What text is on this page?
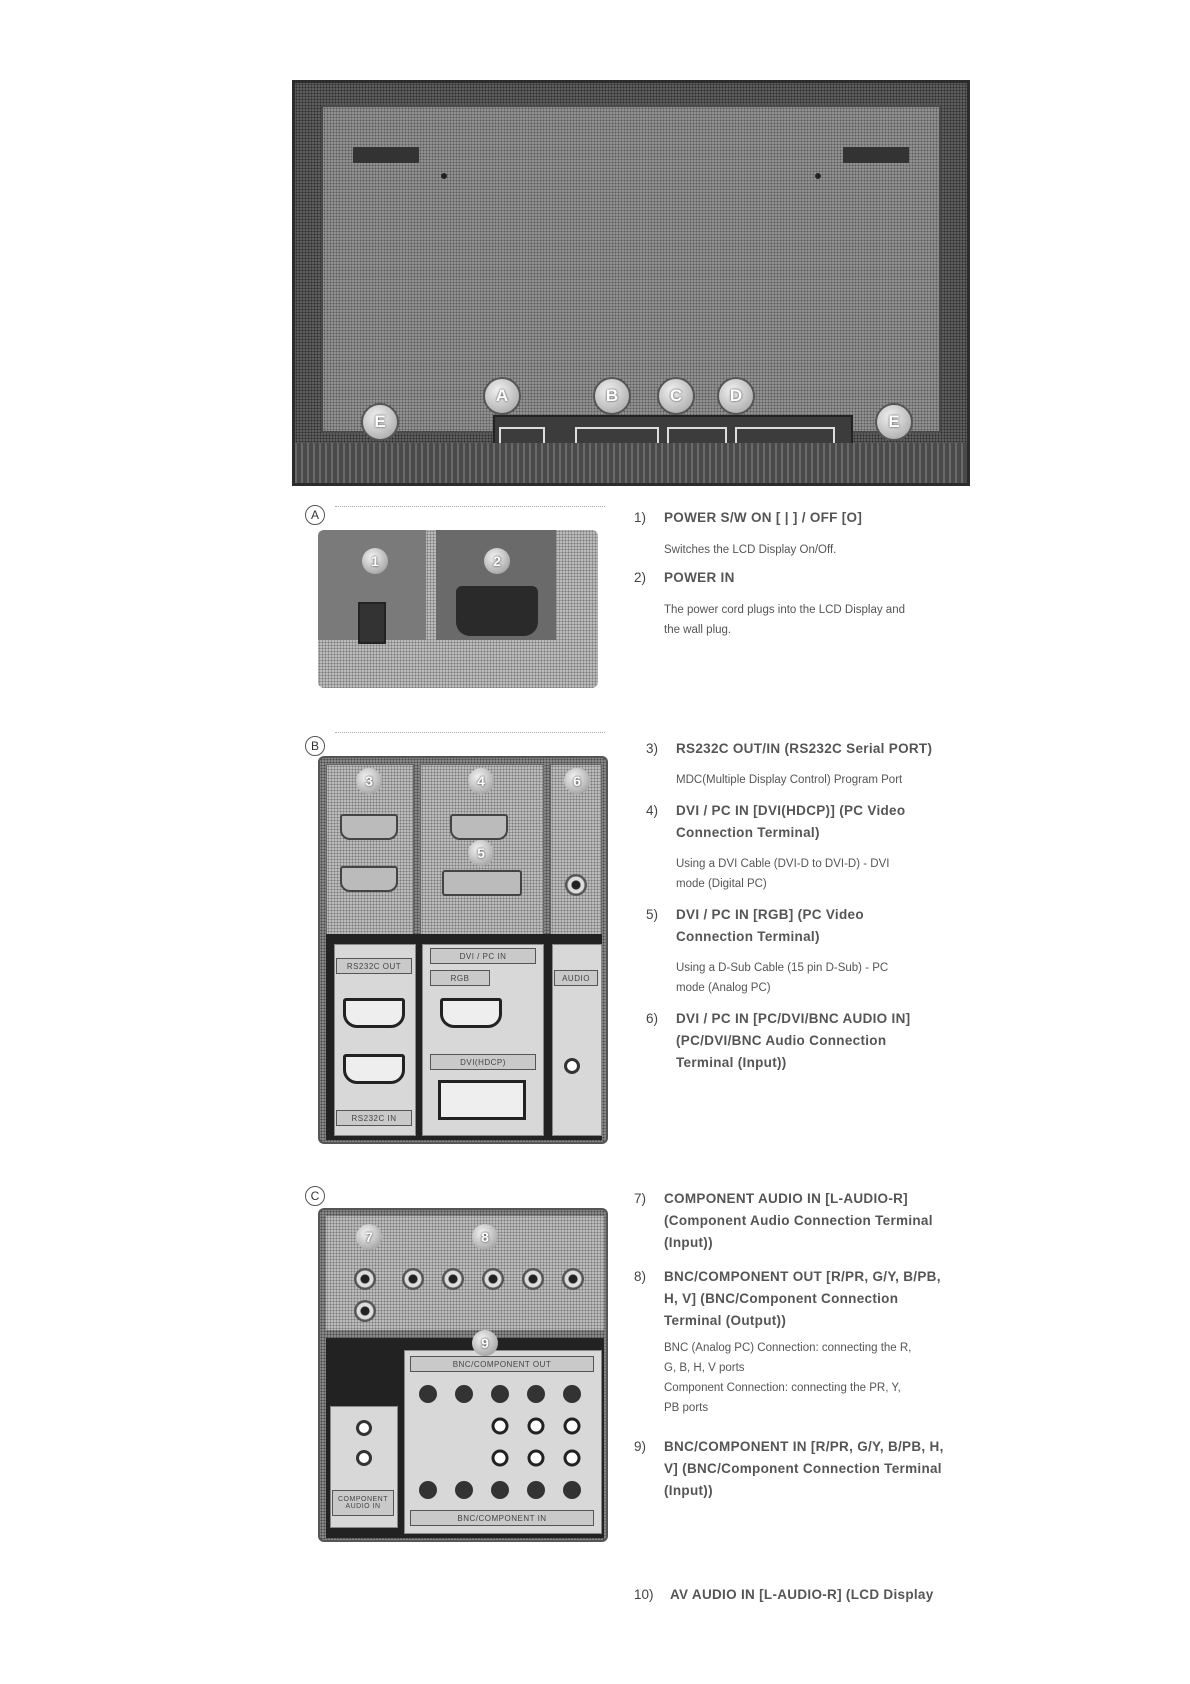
A	B	C	D
E	E
A
1	2
1) POWER S/W ON [ | ] / OFF [O]
Switches the LCD Display On/Off.
2) POWER IN
The power cord plugs into the LCD Display and
the wall plug.
B
RS232C OUT
RS232C IN
DVI / PC IN
RGB
DVI(HDCP)
AUDIO
3	4
5
6
3) RS232C OUT/IN (RS232C Serial PORT)
MDC(Multiple Display Control) Program Port
4) DVI / PC IN [DVI(HDCP)] (PC Video
Connection Terminal)
Using a DVI Cable (DVI-D to DVI-D) - DVI
mode (Digital PC)
5) DVI / PC IN [RGB] (PC Video
Connection Terminal)
Using a D-Sub Cable (15 pin D-Sub) - PC
mode (Analog PC)
6) DVI / PC IN [PC/DVI/BNC AUDIO IN]
(PC/DVI/BNC Audio Connection
Terminal (Input))
C
COMPONENT AUDIO IN
BNC/COMPONENT OUT
BNC/COMPONENT IN
7	8
9
7) COMPONENT AUDIO IN [L-AUDIO-R]
(Component Audio Connection Terminal
(Input))
8) BNC/COMPONENT OUT [R/PR, G/Y, B/PB,
H, V] (BNC/Component Connection
Terminal (Output))
BNC (Analog PC) Connection: connecting the R,
G, B, H, V ports
Component Connection: connecting the PR, Y,
PB ports
9) BNC/COMPONENT IN [R/PR, G/Y, B/PB, H,
V] (BNC/Component Connection Terminal
(Input))
10) AV AUDIO IN [L-AUDIO-R] (LCD Display
